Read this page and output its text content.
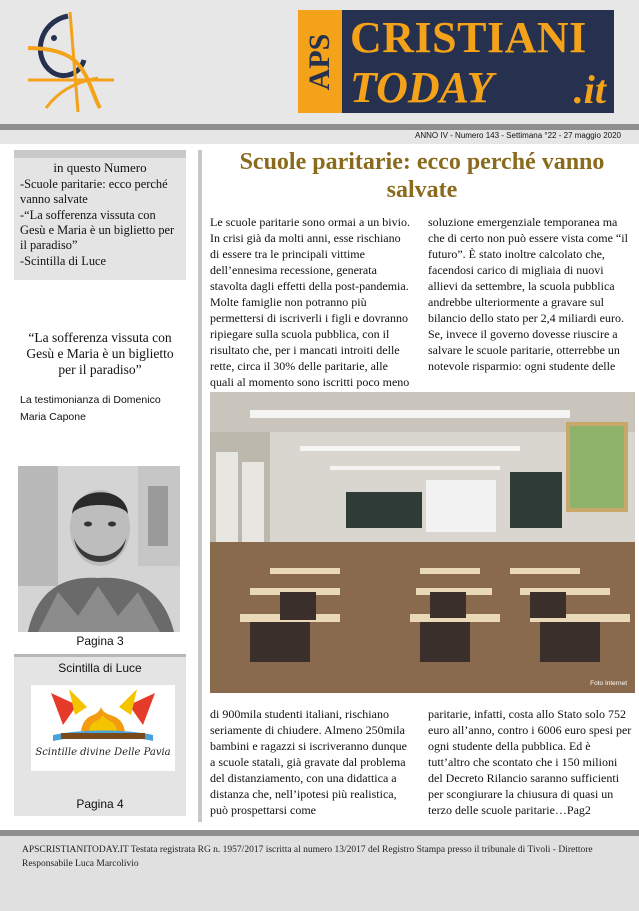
APS CRISTIANI
TODAY .it
ANNO IV - Numero 143 - Settimana °22 - 27 maggio 2020
in questo Numero
-Scuole paritarie: ecco perché vanno salvate
-“La sofferenza vissuta con Gesù e Maria è un biglietto per il paradiso”
-Scintilla di Luce
“La sofferenza vissuta con Gesù e Maria è un biglietto per il paradiso”
La testimonianza di Domenico Maria Capone
Pagina 3
Scintilla di Luce
Scintille divine Delle Pavia
Pagina 4
Scuole paritarie: ecco perché vanno salvate
Le scuole paritarie sono ormai a un bivio. In crisi già da molti anni, esse rischiano di essere tra le principali vittime dell’ennesima recessione, generata stavolta dagli effetti della post-pandemia. Molte famiglie non potranno più permettersi di iscriverli i figli e dovranno ripiegare sulla scuola pubblica, con il risultato che, per i mancati introiti delle rette, circa il 30% delle paritarie, alle quali al momento sono iscritti poco meno
soluzione emergenziale temporanea ma che di certo non può essere vista come “il futuro”. È stato inoltre calcolato che, facendosi carico di migliaia di nuovi allievi da settembre, la scuola pubblica andrebbe ulteriormente a gravare sul bilancio dello stato per 2,4 miliardi euro. Se, invece il governo dovesse riuscire a salvare le scuole paritarie, otterrebbe un notevole risparmio: ogni studente delle
Foto Internet
di 900mila studenti italiani, rischiano seriamente di chiudere. Almeno 250mila bambini e ragazzi si iscriveranno dunque a scuole statali, già gravate dal problema del distanziamento, con una didattica a distanza che, nell’ipotesi più realistica, può prospettarsi come
paritarie, infatti, costa allo Stato solo 752 euro all’anno, contro i 6006 euro spesi per ogni studente della pubblica. Ed è tutt’altro che scontato che i 150 milioni del Decreto Rilancio saranno sufficienti per scongiurare la chiusura di quasi un terzo delle scuole paritarie…Pag2
APSCRISTIANITODAY.IT Testata registrata RG n. 1957/2017 iscritta al numero 13/2017 del Registro Stampa presso il tribunale di Tivoli - Direttore Responsabile Luca Marcolivio
